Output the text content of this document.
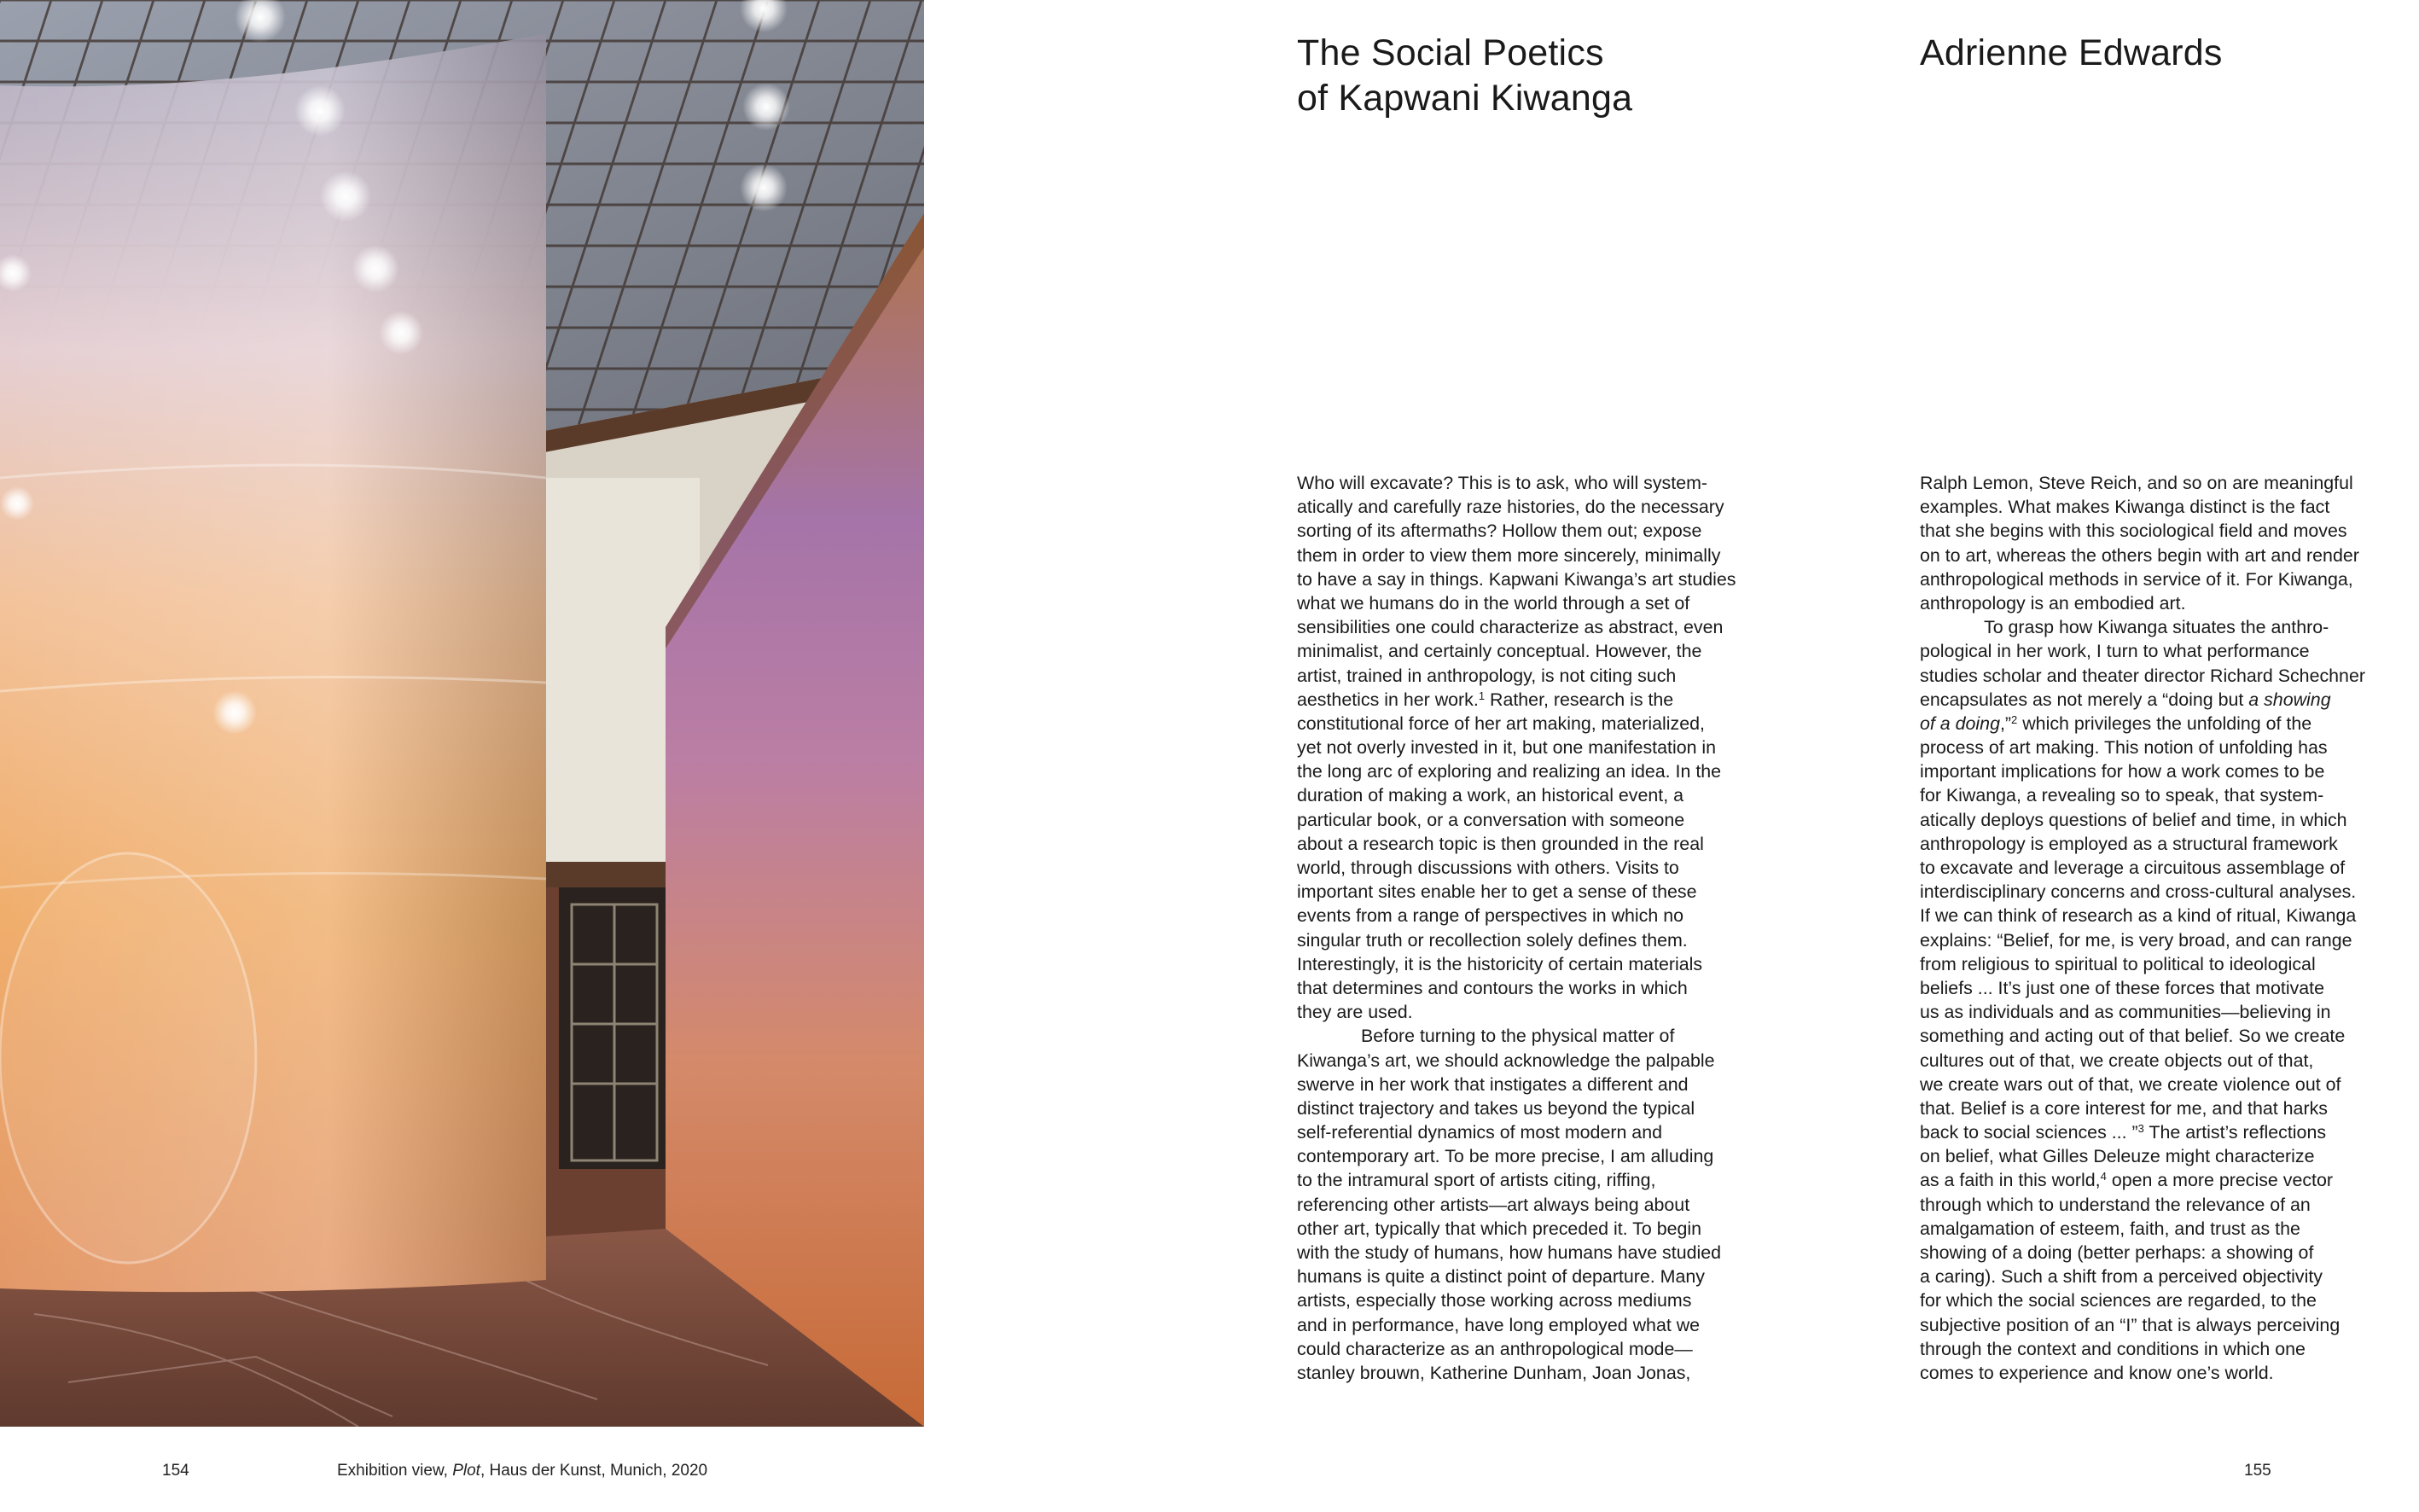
154	Exhibition view, Plot, Haus der Kunst, Munich, 2020	155
The Social Poetics
of Kapwani Kiwanga
Adrienne Edwards
Who will excavate? This is to ask, who will system-
atically and carefully raze histories, do the necessary
sorting of its aftermaths? Hollow them out; expose
them in order to view them more sincerely, minimally
to have a say in things. Kapwani Kiwanga’s art studies
what we humans do in the world through a set of
sensibilities one could characterize as abstract, even
minimalist, and certainly conceptual. However, the
artist, trained in anthropology, is not citing such
aesthetics in her work.$^1$ Rather, research is the
constitutional force of her art making, materialized,
yet not overly invested in it, but one manifestation in
the long arc of exploring and realizing an idea. In the
duration of making a work, an historical event, a
particular book, or a conversation with someone
about a research topic is then grounded in the real
world, through discussions with others. Visits to
important sites enable her to get a sense of these
events from a range of perspectives in which no
singular truth or recollection solely defines them.
Interestingly, it is the historicity of certain materials
that determines and contours the works in which
they are used.
Before turning to the physical matter of
Kiwanga’s art, we should acknowledge the palpable
swerve in her work that instigates a different and
distinct trajectory and takes us beyond the typical
self-referential dynamics of most modern and
contemporary art. To be more precise, I am alluding
to the intramural sport of artists citing, riffing,
referencing other artists—art always being about
other art, typically that which preceded it. To begin
with the study of humans, how humans have studied
humans is quite a distinct point of departure. Many
artists, especially those working across mediums
and in performance, have long employed what we
could characterize as an anthropological mode—
stanley brouwn, Katherine Dunham, Joan Jonas,
Ralph Lemon, Steve Reich, and so on are meaningful
examples. What makes Kiwanga distinct is the fact
that she begins with this sociological field and moves
on to art, whereas the others begin with art and render
anthropological methods in service of it. For Kiwanga,
anthropology is an embodied art.
To grasp how Kiwanga situates the anthro-
pological in her work, I turn to what performance
studies scholar and theater director Richard Schechner
encapsulates as not merely a “doing but a showing
of a doing,”$^2$ which privileges the unfolding of the
process of art making. This notion of unfolding has
important implications for how a work comes to be
for Kiwanga, a revealing so to speak, that system-
atically deploys questions of belief and time, in which
anthropology is employed as a structural framework
to excavate and leverage a circuitous assemblage of
interdisciplinary concerns and cross-cultural analyses.
If we can think of research as a kind of ritual, Kiwanga
explains: “Belief, for me, is very broad, and can range
from religious to spiritual to political to ideological
beliefs ... It’s just one of these forces that motivate
us as individuals and as communities—believing in
something and acting out of that belief. So we create
cultures out of that, we create objects out of that,
we create wars out of that, we create violence out of
that. Belief is a core interest for me, and that harks
back to social sciences ... ”$^3$ The artist’s reflections
on belief, what Gilles Deleuze might characterize
as a faith in this world,$^4$ open a more precise vector
through which to understand the relevance of an
amalgamation of esteem, faith, and trust as the
showing of a doing (better perhaps: a showing of
a caring). Such a shift from a perceived objectivity
for which the social sciences are regarded, to the
subjective position of an “I” that is always perceiving
through the context and conditions in which one
comes to experience and know one’s world.
